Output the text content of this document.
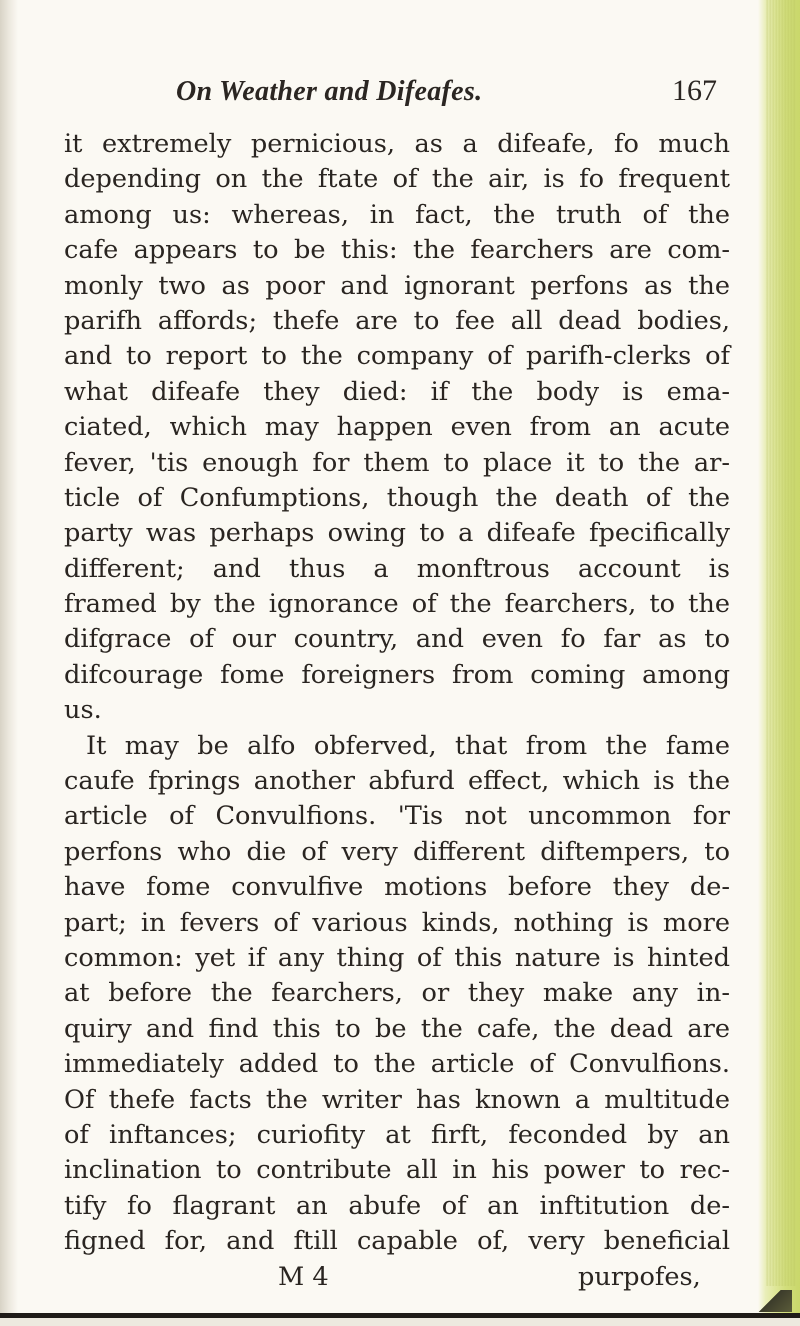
On Weather and Difeafes.	167
it extremely pernicious, as a difeafe, fo much
depending on the ftate of the air, is fo frequent
among us: whereas, in fact, the truth of the
cafe appears to be this: the fearchers are com-
monly two as poor and ignorant perfons as the
parifh affords; thefe are to fee all dead bodies,
and to report to the company of parifh-clerks of
what difeafe they died: if the body is ema-
ciated, which may happen even from an acute
fever, 'tis enough for them to place it to the ar-
ticle of Confumptions, though the death of the
party was perhaps owing to a difeafe fpecifically
different; and thus a monftrous account is
framed by the ignorance of the fearchers, to the
difgrace of our country, and even fo far as to
difcourage fome foreigners from coming among
us.
It may be alfo obferved, that from the fame
caufe fprings another abfurd effect, which is the
article of Convulfions. 'Tis not uncommon for
perfons who die of very different diftempers, to
have fome convulfive motions before they de-
part; in fevers of various kinds, nothing is more
common: yet if any thing of this nature is hinted
at before the fearchers, or they make any in-
quiry and find this to be the cafe, the dead are
immediately added to the article of Convulfions.
Of thefe facts the writer has known a multitude
of inftances; curiofity at firft, feconded by an
inclination to contribute all in his power to rec-
tify fo flagrant an abufe of an inftitution de-
figned for, and ftill capable of, very beneficial
M 4	purpofes,
